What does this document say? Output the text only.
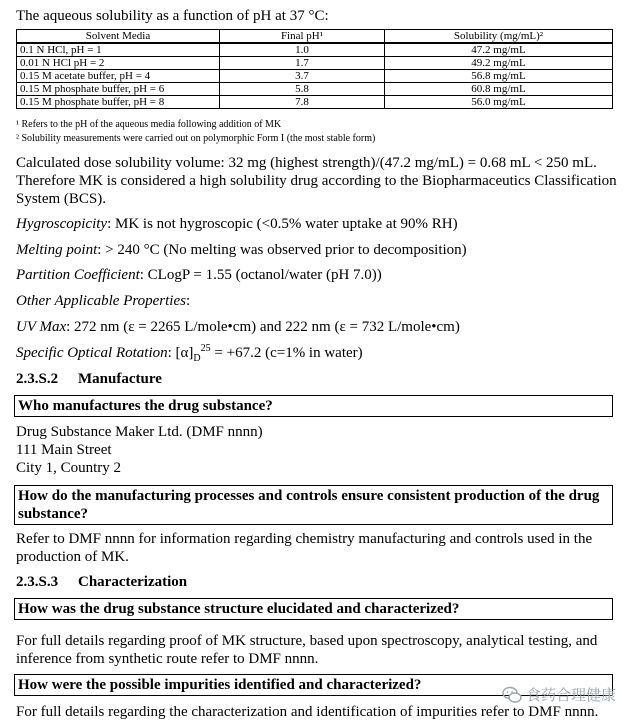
The aqueous solubility as a function of pH at 37 °C:
Solvent Media	Final pH¹	Solubility (mg/mL)²
0.1 N HCl, pH = 1	1.0	47.2 mg/mL
0.01 N HCl pH = 2	1.7	49.2 mg/mL
0.15 M acetate buffer, pH = 4	3.7	56.8 mg/mL
0.15 M phosphate buffer, pH = 6	5.8	60.8 mg/mL
0.15 M phosphate buffer, pH = 8	7.8	56.0 mg/mL
¹ Refers to the pH of the aqueous media following addition of MK
² Solubility measurements were carried out on polymorphic Form I (the most stable form)
Calculated dose solubility volume: 32 mg (highest strength)/(47.2 mg/mL) = 0.68 mL < 250 mL. Therefore MK is considered a high solubility drug according to the Biopharmaceutics Classification System (BCS).
Hygroscopicity: MK is not hygroscopic (<0.5% water uptake at 90% RH)
Melting point: > 240 °C (No melting was observed prior to decomposition)
Partition Coefficient: CLogP = 1.55 (octanol/water (pH 7.0))
Other Applicable Properties:
UV Max: 272 nm (ε = 2265 L/mole•cm) and 222 nm (ε = 732 L/mole•cm)
Specific Optical Rotation: $[\alpha]_D^{25} = +67.2$ (c=1% in water)
2.3.S.2 Manufacture
Who manufactures the drug substance?
Drug Substance Maker Ltd. (DMF nnnn)
111 Main Street
City 1, Country 2
How do the manufacturing processes and controls ensure consistent production of the drug substance?
Refer to DMF nnnn for information regarding chemistry manufacturing and controls used in the production of MK.
2.3.S.3 Characterization
How was the drug substance structure elucidated and characterized?
For full details regarding proof of MK structure, based upon spectroscopy, analytical testing, and inference from synthetic route refer to DMF nnnn.
How were the possible impurities identified and characterized?
For full details regarding the characterization and identification of impurities refer to DMF nnnn.
食药合理健康
